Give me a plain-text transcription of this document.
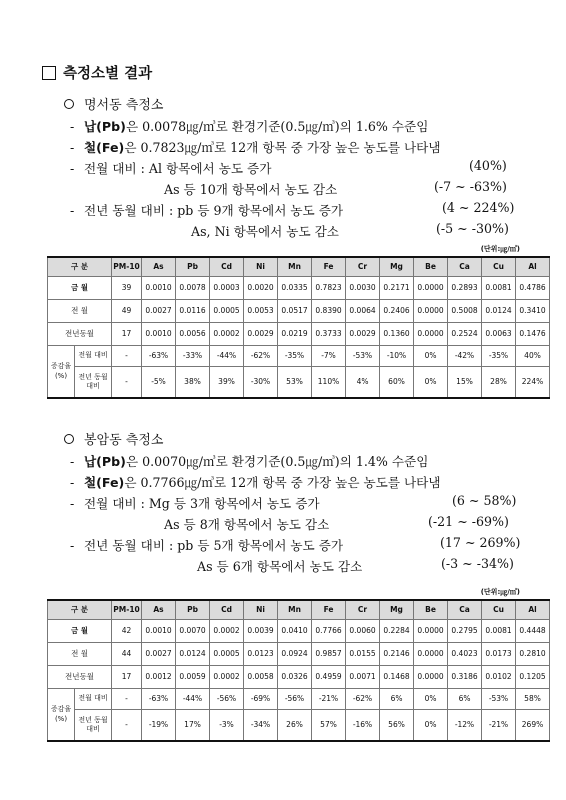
측정소별 결과
명서동 측정소
- 납(Pb)은 0.0078㎍/㎥로 환경기준(0.5㎍/㎥)의 1.6% 수준임
- 철(Fe)은 0.7823㎍/㎥로 12개 항목 중 가장 높은 농도를 나타냄
- 전월 대비 : Al 항목에서 농도 증가	(40%)
As 등 10개 항목에서 농도 감소	(-7 ~ -63%)
- 전년 동월 대비 : pb 등 9개 항목에서 농도 증가	(4 ~ 224%)
As, Ni 항목에서 농도 감소	(-5 ~ -30%)
(단위:㎍/㎥)
구 분		PM-10	As	Pb	Cd	Ni	Mn	Fe	Cr	Mg	Be	Ca	Cu	Al
금 월		39	0.0010	0.0078	0.0003	0.0020	0.0335	0.7823	0.0030	0.2171	0.0000	0.2893	0.0081	0.4786
전 월		49	0.0027	0.0116	0.0005	0.0053	0.0517	0.8390	0.0064	0.2406	0.0000	0.5008	0.0124	0.3410
전년동월		17	0.0010	0.0056	0.0002	0.0029	0.0219	0.3733	0.0029	0.1360	0.0000	0.2524	0.0063	0.1476
증감율 (%)	전월 대비	-	-63%	-33%	-44%	-62%	-35%	-7%	-53%	-10%	0%	-42%	-35%	40%
	전년 동월 대비	-	-5%	38%	39%	-30%	53%	110%	4%	60%	0%	15%	28%	224%
봉암동 측정소
- 납(Pb)은 0.0070㎍/㎥로 환경기준(0.5㎍/㎥)의 1.4% 수준임
- 철(Fe)은 0.7766㎍/㎥로 12개 항목 중 가장 높은 농도를 나타냄
- 전월 대비 : Mg 등 3개 항목에서 농도 증가	(6 ~ 58%)
As 등 8개 항목에서 농도 감소	(-21 ~ -69%)
- 전년 동월 대비 : pb 등 5개 항목에서 농도 증가	(17 ~ 269%)
As 등 6개 항목에서 농도 감소	(-3 ~ -34%)
(단위:㎍/㎥)
구 분		PM-10	As	Pb	Cd	Ni	Mn	Fe	Cr	Mg	Be	Ca	Cu	Al
금 월		42	0.0010	0.0070	0.0002	0.0039	0.0410	0.7766	0.0060	0.2284	0.0000	0.2795	0.0081	0.4448
전 월		44	0.0027	0.0124	0.0005	0.0123	0.0924	0.9857	0.0155	0.2146	0.0000	0.4023	0.0173	0.2810
전년동월		17	0.0012	0.0059	0.0002	0.0058	0.0326	0.4959	0.0071	0.1468	0.0000	0.3186	0.0102	0.1205
증감율 (%)	전월 대비	-	-63%	-44%	-56%	-69%	-56%	-21%	-62%	6%	0%	6%	-53%	58%
	전년 동월 대비	-	-19%	17%	-3%	-34%	26%	57%	-16%	56%	0%	-12%	-21%	269%
